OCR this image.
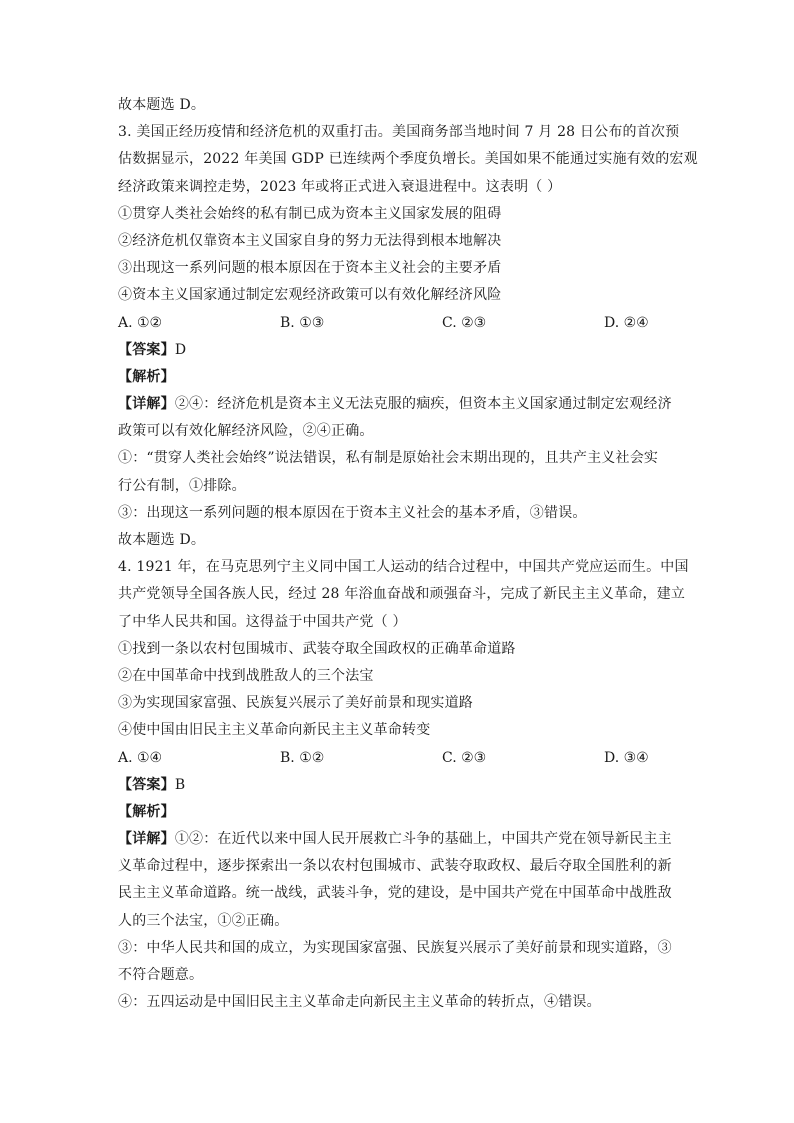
故本题选 D。
3. 美国正经历疫情和经济危机的双重打击。美国商务部当地时间 7 月 28 日公布的首次预
估数据显示，2022 年美国 GDP 已连续两个季度负增长。美国如果不能通过实施有效的宏观
经济政策来调控走势，2023 年或将正式进入衰退进程中。这表明（ ）
①贯穿人类社会始终的私有制已成为资本主义国家发展的阻碍
②经济危机仅靠资本主义国家自身的努力无法得到根本地解决
③出现这一系列问题的根本原因在于资本主义社会的主要矛盾
④资本主义国家通过制定宏观经济政策可以有效化解经济风险
A. ①②	B. ①③	C. ②③	D. ②④
【答案】D
【解析】
【详解】②④：经济危机是资本主义无法克服的痼疾，但资本主义国家通过制定宏观经济
政策可以有效化解经济风险，②④正确。
①：“贯穿人类社会始终”说法错误，私有制是原始社会末期出现的，且共产主义社会实
行公有制，①排除。
③：出现这一系列问题的根本原因在于资本主义社会的基本矛盾，③错误。
故本题选 D。
4. 1921 年，在马克思列宁主义同中国工人运动的结合过程中，中国共产党应运而生。中国
共产党领导全国各族人民，经过 28 年浴血奋战和顽强奋斗，完成了新民主主义革命，建立
了中华人民共和国。这得益于中国共产党（ ）
①找到一条以农村包围城市、武装夺取全国政权的正确革命道路
②在中国革命中找到战胜敌人的三个法宝
③为实现国家富强、民族复兴展示了美好前景和现实道路
④使中国由旧民主主义革命向新民主主义革命转变
A. ①④	B. ①②	C. ②③	D. ③④
【答案】B
【解析】
【详解】①②：在近代以来中国人民开展救亡斗争的基础上，中国共产党在领导新民主主
义革命过程中，逐步探索出一条以农村包围城市、武装夺取政权、最后夺取全国胜利的新
民主主义革命道路。统一战线，武装斗争，党的建设，是中国共产党在中国革命中战胜敌
人的三个法宝，①②正确。
③：中华人民共和国的成立，为实现国家富强、民族复兴展示了美好前景和现实道路，③
不符合题意。
④：五四运动是中国旧民主主义革命走向新民主主义革命的转折点，④错误。
